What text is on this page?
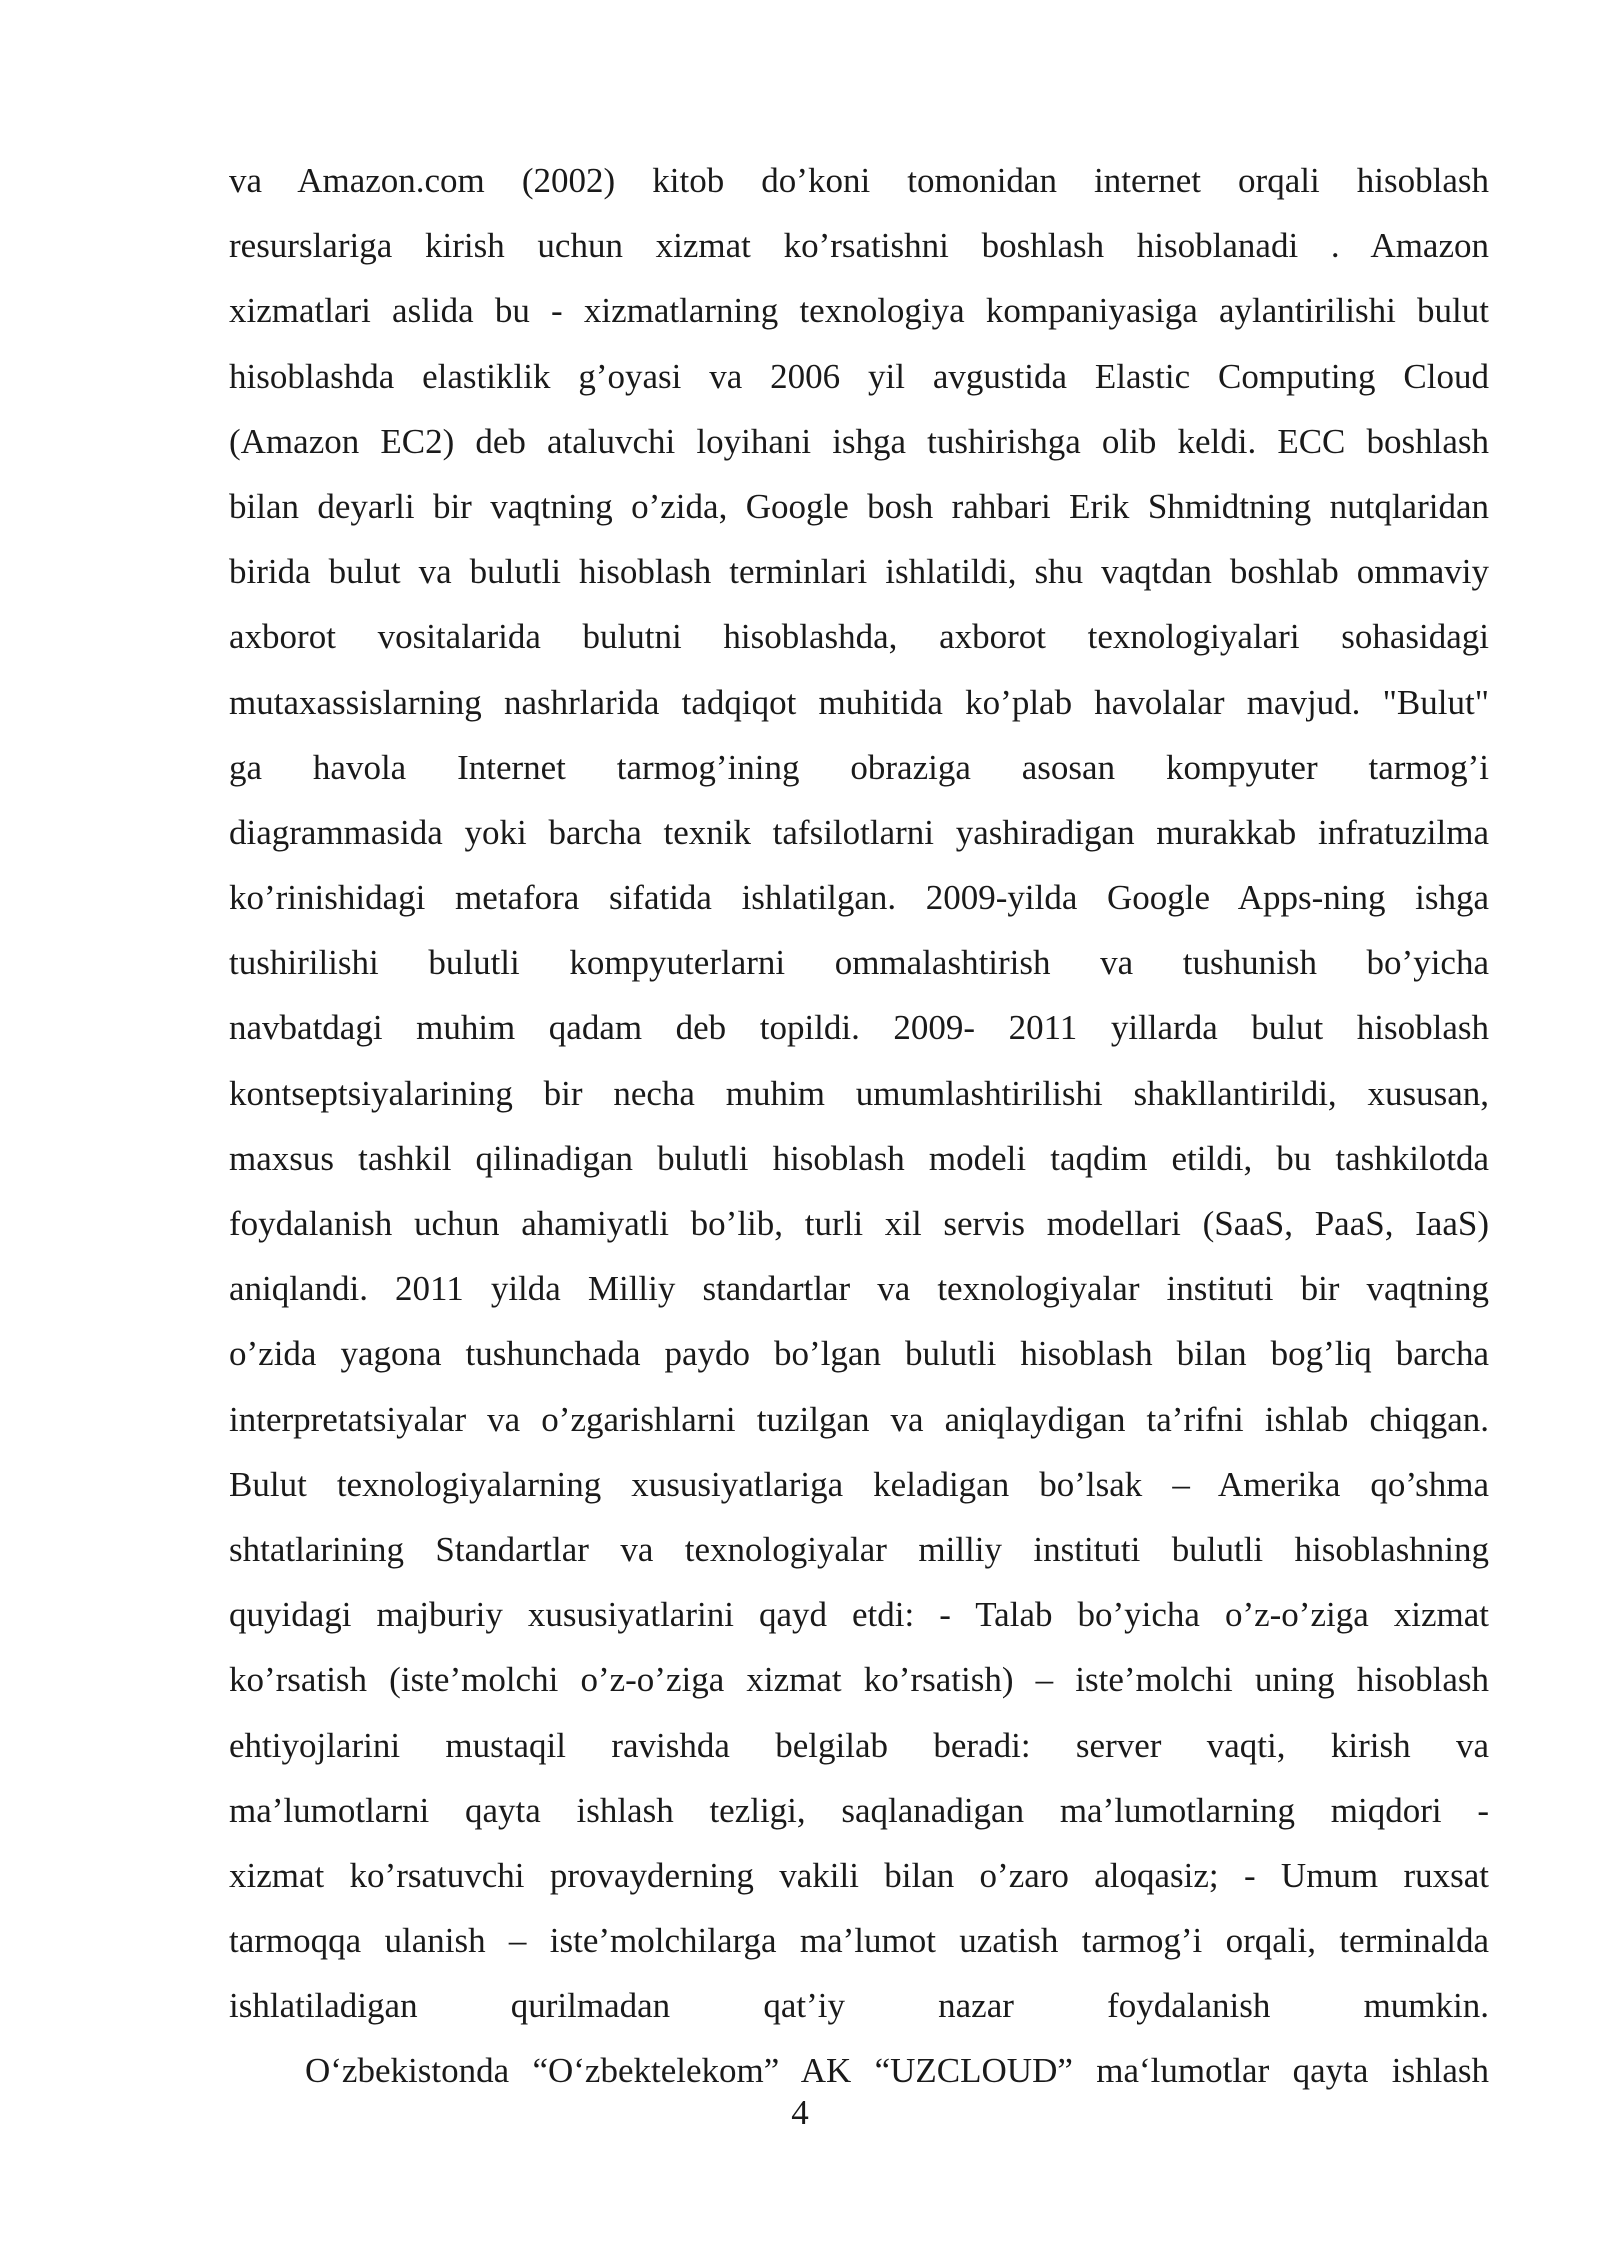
va Amazon.com (2002) kitob do’koni tomonidan internet orqali hisoblash
resurslariga kirish uchun xizmat ko’rsatishni boshlash hisoblanadi . Amazon
xizmatlari aslida bu - xizmatlarning texnologiya kompaniyasiga aylantirilishi bulut
hisoblashda elastiklik g’oyasi va 2006 yil avgustida Elastic Computing Cloud
(Amazon EC2) deb ataluvchi loyihani ishga tushirishga olib keldi. ECC boshlash
bilan deyarli bir vaqtning o’zida, Google bosh rahbari Erik Shmidtning nutqlaridan
birida bulut va bulutli hisoblash terminlari ishlatildi, shu vaqtdan boshlab ommaviy
axborot vositalarida bulutni hisoblashda, axborot texnologiyalari sohasidagi
mutaxassislarning nashrlarida tadqiqot muhitida ko’plab havolalar mavjud. "Bulut"
ga havola Internet tarmog’ining obraziga asosan kompyuter tarmog’i
diagrammasida yoki barcha texnik tafsilotlarni yashiradigan murakkab infratuzilma
ko’rinishidagi metafora sifatida ishlatilgan. 2009-yilda Google Apps-ning ishga
tushirilishi bulutli kompyuterlarni ommalashtirish va tushunish bo’yicha
navbatdagi muhim qadam deb topildi. 2009- 2011 yillarda bulut hisoblash
kontseptsiyalarining bir necha muhim umumlashtirilishi shakllantirildi, xususan,
maxsus tashkil qilinadigan bulutli hisoblash modeli taqdim etildi, bu tashkilotda
foydalanish uchun ahamiyatli bo’lib, turli xil servis modellari (SaaS, PaaS, IaaS)
aniqlandi. 2011 yilda Milliy standartlar va texnologiyalar instituti bir vaqtning
o’zida yagona tushunchada paydo bo’lgan bulutli hisoblash bilan bog’liq barcha
interpretatsiyalar va o’zgarishlarni tuzilgan va aniqlaydigan ta’rifni ishlab chiqgan.
Bulut texnologiyalarning xususiyatlariga keladigan bo’lsak – Amerika qo’shma
shtatlarining Standartlar va texnologiyalar milliy instituti bulutli hisoblashning
quyidagi majburiy xususiyatlarini qayd etdi: - Talab bo’yicha o’z-o’ziga xizmat
ko’rsatish (iste’molchi o’z-o’ziga xizmat ko’rsatish) – iste’molchi uning hisoblash
ehtiyojlarini mustaqil ravishda belgilab beradi: server vaqti, kirish va
ma’lumotlarni qayta ishlash tezligi, saqlanadigan ma’lumotlarning miqdori -
xizmat ko’rsatuvchi provayderning vakili bilan o’zaro aloqasiz; - Umum ruxsat
tarmoqqa ulanish – iste’molchilarga ma’lumot uzatish tarmog’i orqali, terminalda
ishlatiladigan qurilmadan qat’iy nazar foydalanish mumkin.
O‘zbekistonda “O‘zbektelekom” AK “UZCLOUD” ma‘lumotlar qayta ishlash
4
